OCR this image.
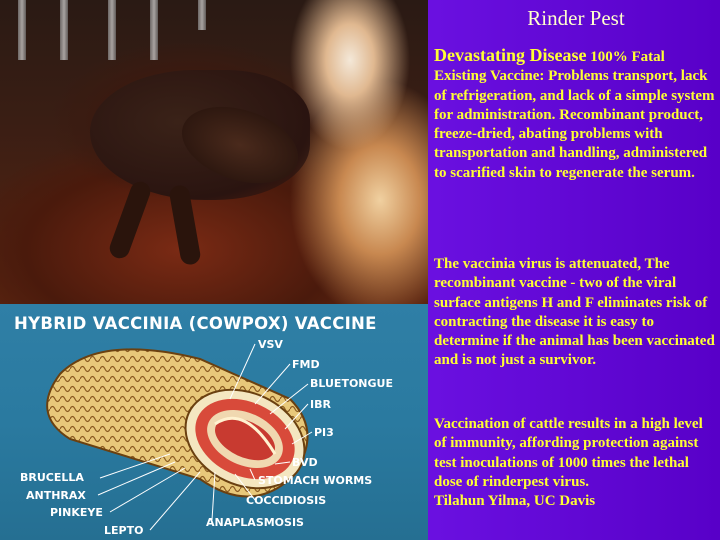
HYBRID VACCINIA (COWPOX) VACCINE
VSV
FMD
BLUETONGUE
IBR
PI3
BVD
STOMACH WORMS
COCCIDIOSIS
ANAPLASMOSIS
BRUCELLA
ANTHRAX
PINKEYE
LEPTO
Rinder Pest
Devastating Disease 100% Fatal Existing Vaccine: Problems transport, lack of refrigeration, and lack of a simple system for administration. Recombinant product, freeze-dried, abating problems with transportation and handling, administered to scarified skin to regenerate the serum.
The vaccinia virus is attenuated, The recombinant vaccine - two of the viral surface antigens H and F eliminates risk of contracting the disease it is easy to determine if the animal has been vaccinated and is not just a survivor.
Vaccination of cattle results in a high level of immunity, affording protection against test inoculations of 1000 times the lethal dose of rinderpest virus.
Tilahun Yilma, UC Davis
